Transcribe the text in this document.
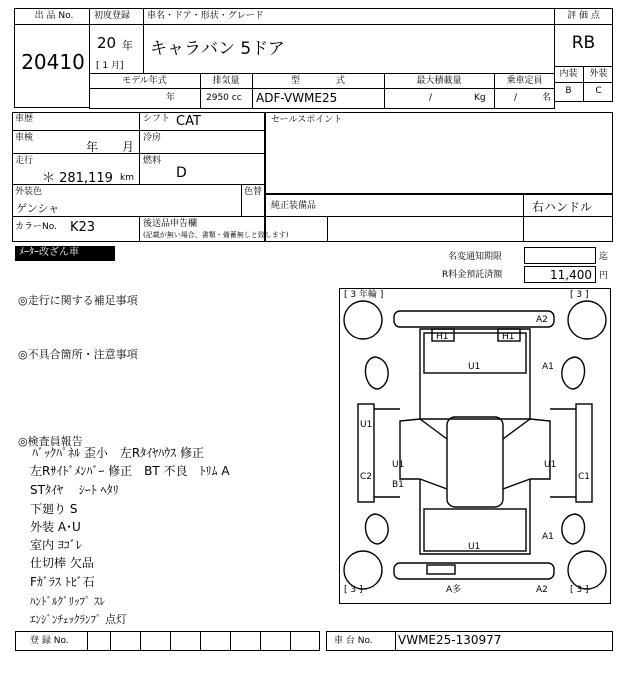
出 品 No.
20410
初度登録 車名・ドア・形状・グレード
20 年
[ 1 月]
キャラバン 5ドア
評 価 点
RB
内装	外装
B	C
モデル年式	排気量	型　　　　式	最大積載量	乗車定員
年	2950 cc ADF-VWME25	/	Kg	/	名
車歴	シフト CAT
車検
年 月
冷房
走行
＊ 281,119 km
燃料
D
外装色
ゲンシャ
色替
カラーNo. K23	後送品申告欄
(記載が無い場合、書類・備蓄無しと致します)
セールスポイント
純正装備品	右ハンドル
ﾒｰﾀｰ改ざん車	名変通知期限	迄
R料金預託済額	11,400 円
◎走行に関する補足事項
◎不具合箇所・注意事項
◎検査員報告
ﾊﾞｯｸﾊﾟﾈﾙ 歪小　左Rﾀｲﾔﾊｳｽ 修正
左Rｻｲﾄﾞﾒﾝﾊﾞｰ 修正　BT 不良　ﾄﾘﾑ A
STﾀｲﾔ　 ｼｰﾄ ﾍﾀﾘ
下廻り S
外装 A･U
室内 ﾖｺﾞﾚ
仕切棒 欠品
Fｶﾞﾗｽ ﾄﾋﾞ石
ﾊﾝﾄﾞﾙｸﾞﾘｯﾌﾟ ｽﾚ
ｴﾝｼﾞﾝﾁｪｯｸﾗﾝﾌﾟ 点灯
[ 3 年輪 ]	[ 3 ]
[ 3 ]	[ 3 ]
A2
H1	H1
U1	A1
U1
C2
U1
B1
U1
C1
U1
A1
A多	A2
登 録 No.	車 台 No. VWME25-130977
